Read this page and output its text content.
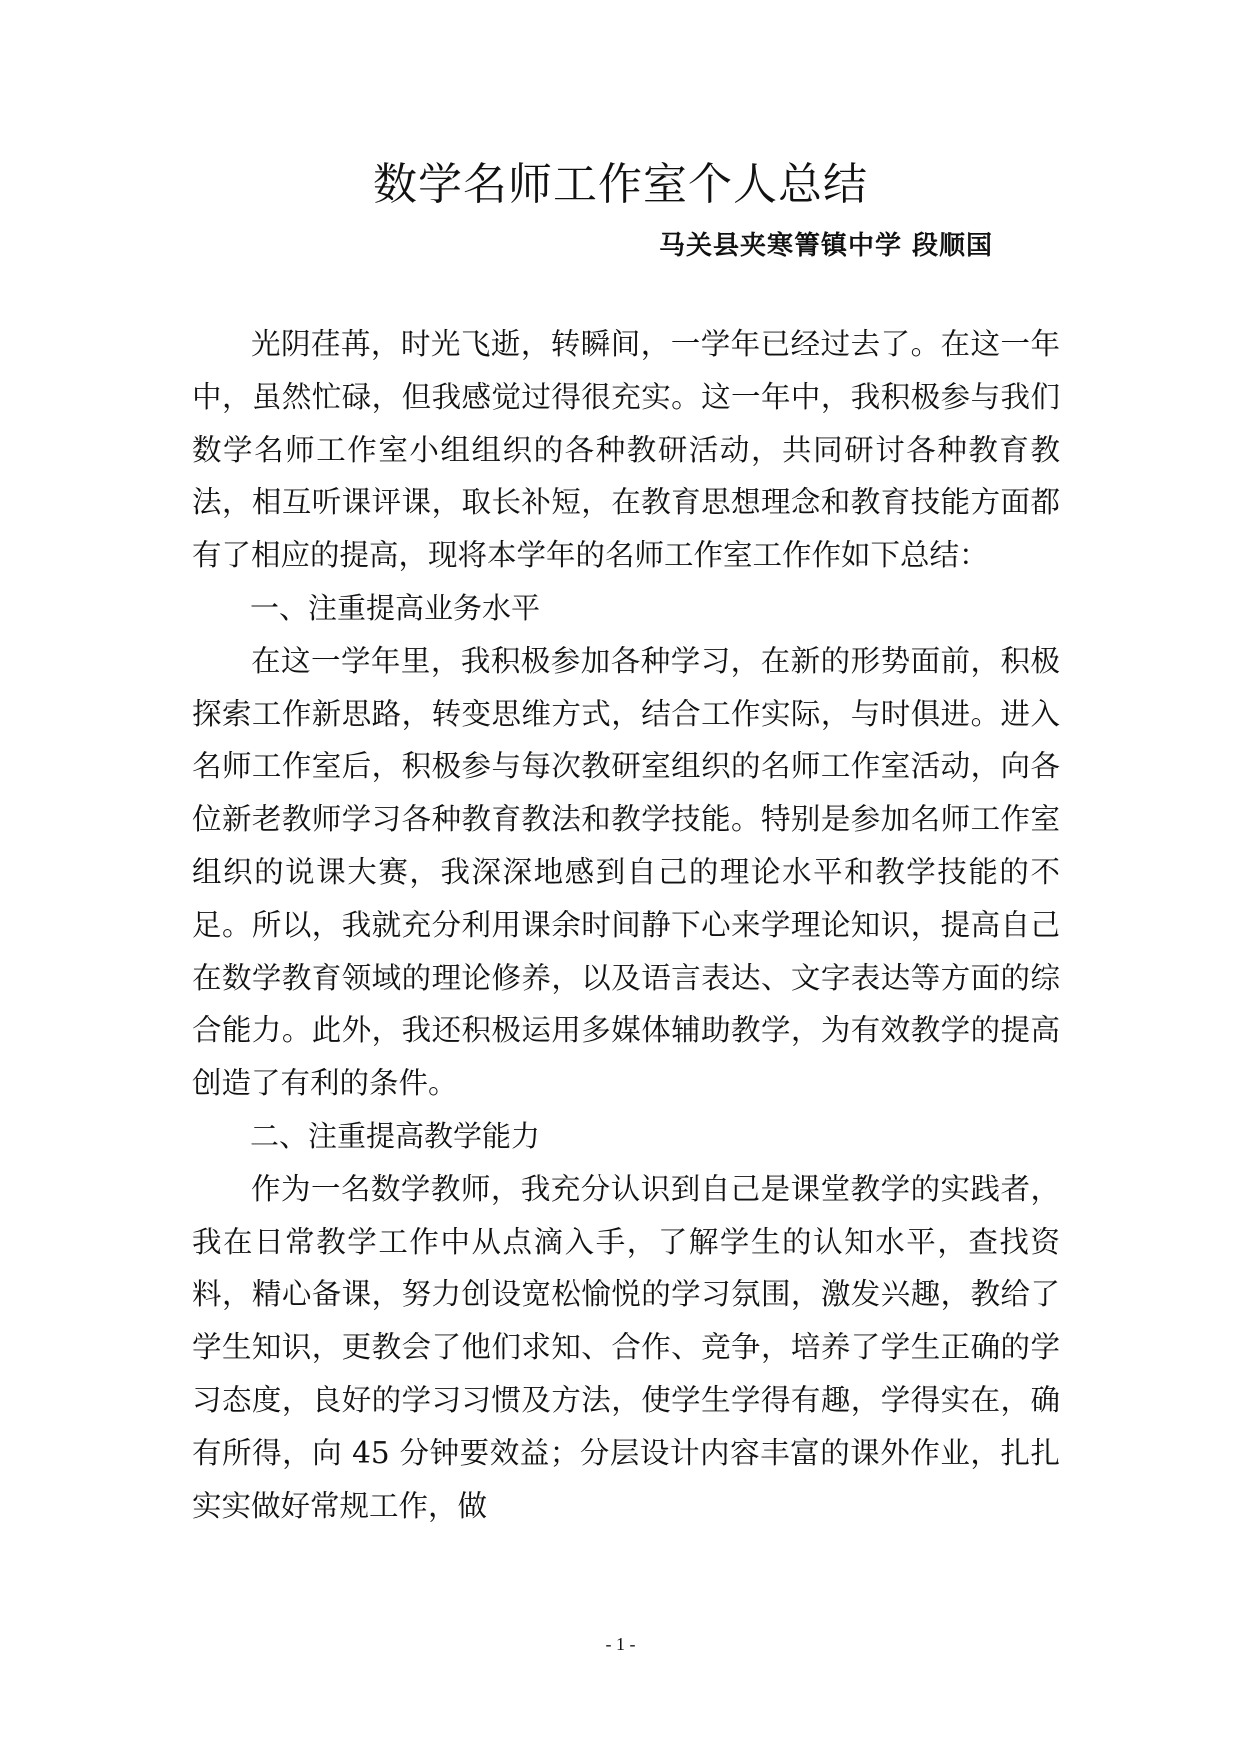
数学名师工作室个人总结
马关县夹寒箐镇中学 段顺国

光阴荏苒，时光飞逝，转瞬间，一学年已经过去了。在这一年中，虽然忙碌，但我感觉过得很充实。这一年中，我积极参与我们数学名师工作室小组组织的各种教研活动，共同研讨各种教育教法，相互听课评课，取长补短，在教育思想理念和教育技能方面都有了相应的提高，现将本学年的名师工作室工作作如下总结：

一、注重提高业务水平

在这一学年里，我积极参加各种学习，在新的形势面前，积极探索工作新思路，转变思维方式，结合工作实际，与时俱进。进入名师工作室后，积极参与每次教研室组织的名师工作室活动，向各位新老教师学习各种教育教法和教学技能。特别是参加名师工作室组织的说课大赛，我深深地感到自己的理论水平和教学技能的不足。所以，我就充分利用课余时间静下心来学理论知识，提高自己在数学教育领域的理论修养，以及语言表达、文字表达等方面的综合能力。此外，我还积极运用多媒体辅助教学，为有效教学的提高创造了有利的条件。

二、注重提高教学能力

作为一名数学教师，我充分认识到自己是课堂教学的实践者，我在日常教学工作中从点滴入手，了解学生的认知水平，查找资料，精心备课，努力创设宽松愉悦的学习氛围，激发兴趣，教给了学生知识，更教会了他们求知、合作、竞争，培养了学生正确的学习态度，良好的学习习惯及方法，使学生学得有趣，学得实在，确有所得，向 45 分钟要效益；分层设计内容丰富的课外作业，扎扎实实做好常规工作，做

- 1 -
